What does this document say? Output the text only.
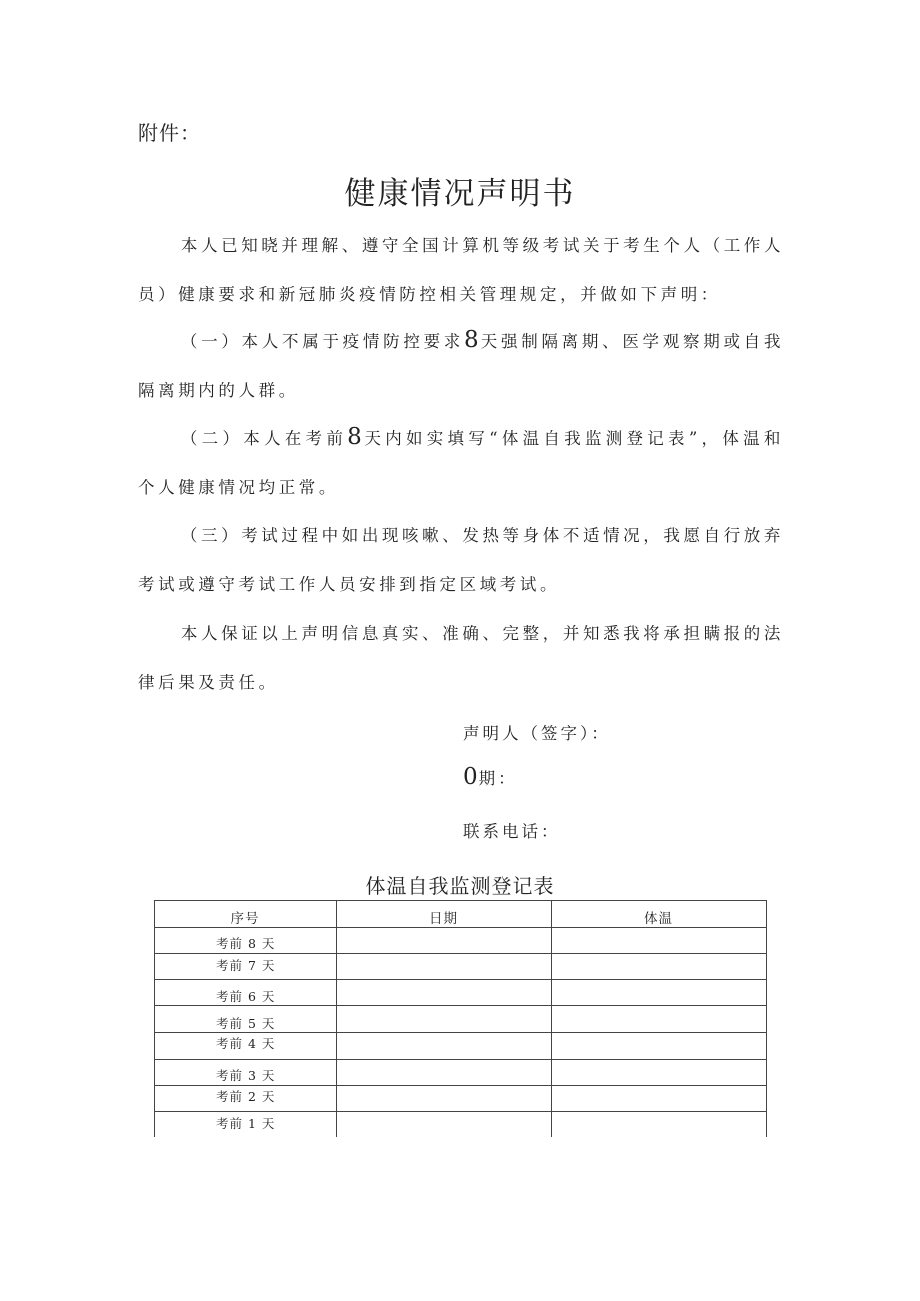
附件：
健康情况声明书

本人已知晓并理解、遵守全国计算机等级考试关于考生个人（工作人员）健康要求和新冠肺炎疫情防控相关管理规定，并做如下声明：

（一）本人不属于疫情防控要求8天强制隔离期、医学观察期或自我隔离期内的人群。

（二）本人在考前8天内如实填写“体温自我监测登记表”，体温和个人健康情况均正常。

（三）考试过程中如出现咳嗽、发热等身体不适情况，我愿自行放弃考试或遵守考试工作人员安排到指定区域考试。

本人保证以上声明信息真实、准确、完整，并知悉我将承担瞒报的法律后果及责任。

声明人（签字）：
0期：
联系电话：
体温自我监测登记表
序号	日期	体温
考前 8 天
考前 7 天
考前 6 天
考前 5 天
考前 4 天
考前 3 天
考前 2 天
考前 1 天
